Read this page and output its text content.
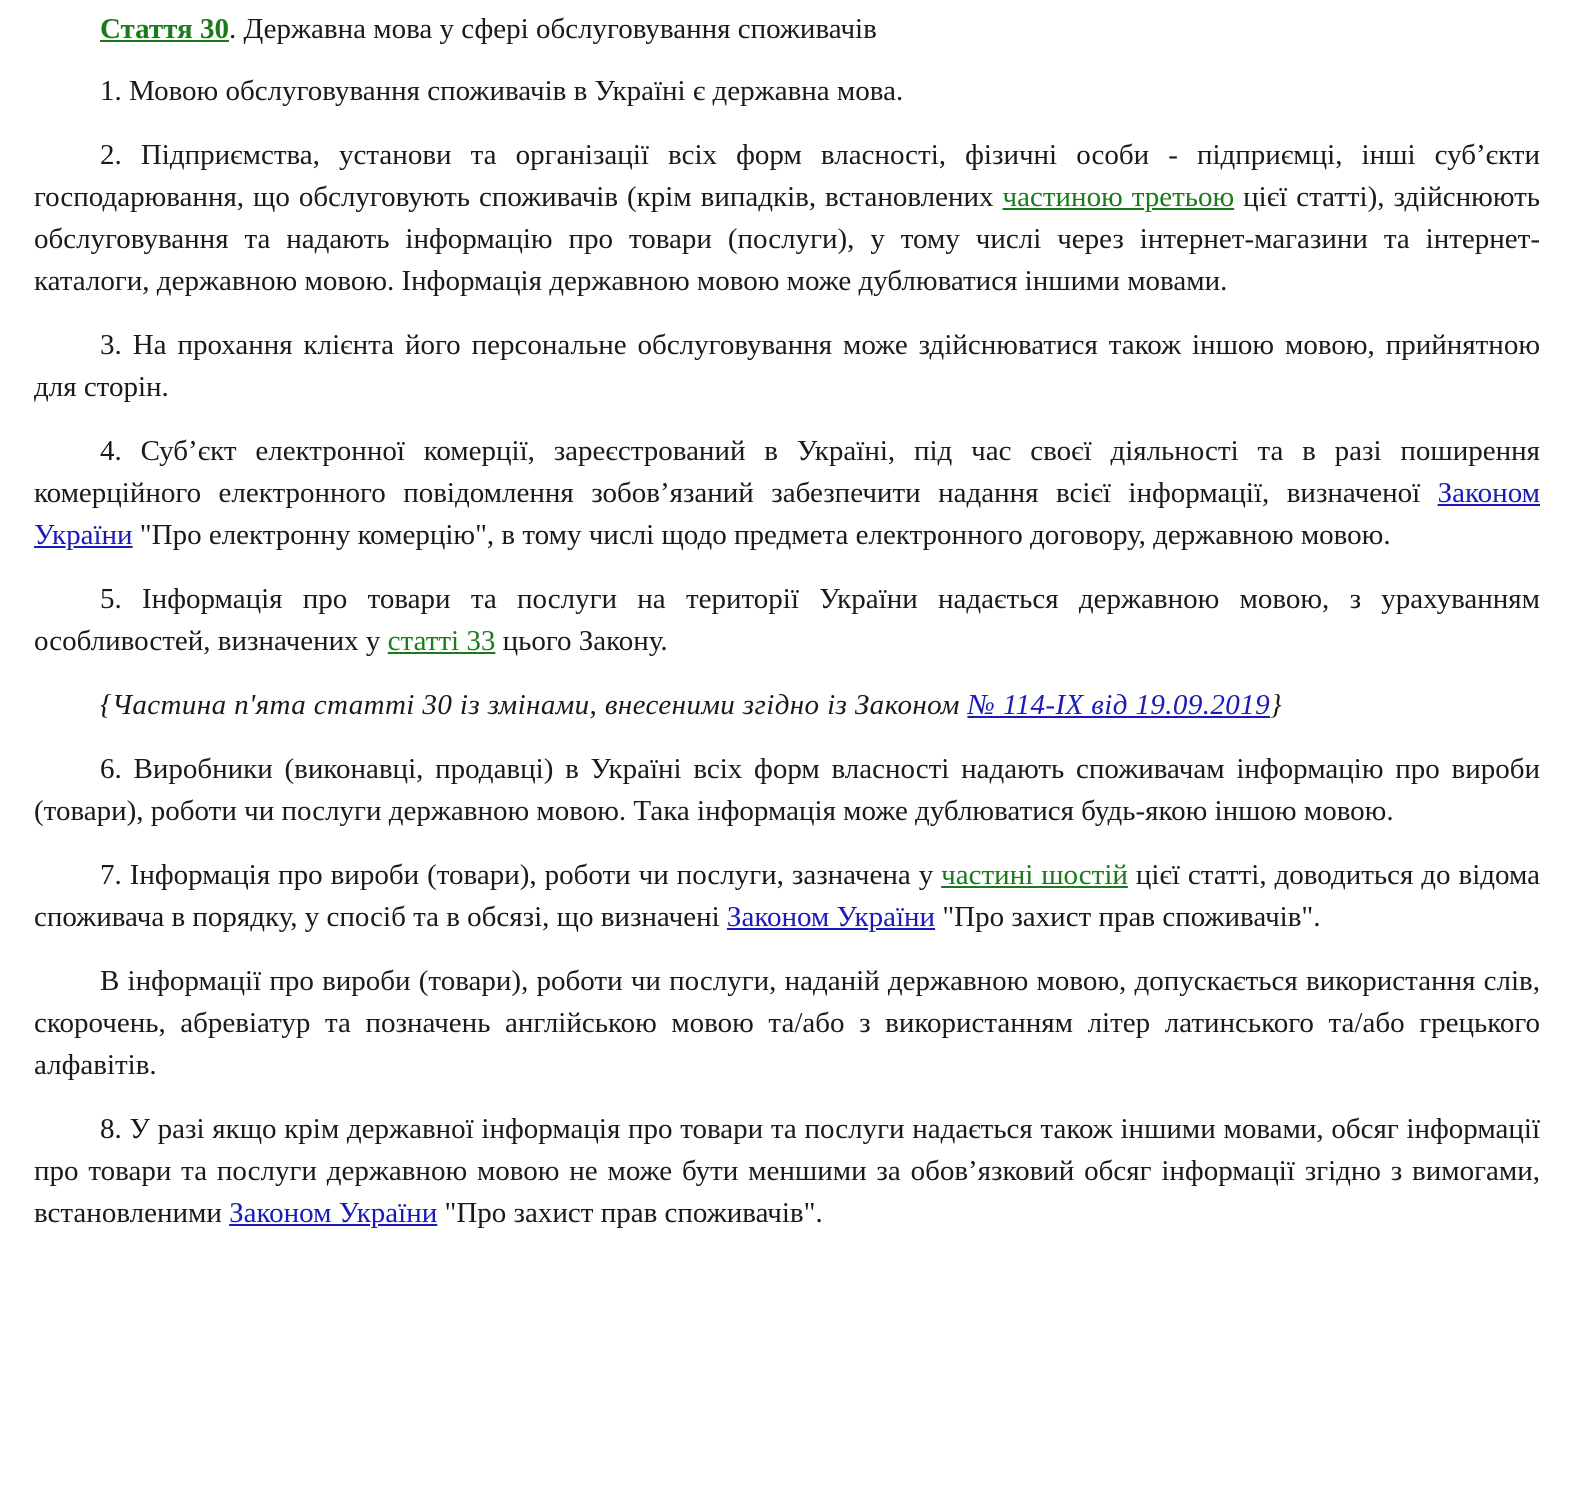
Стаття 30. Державна мова у сфері обслуговування споживачів

1. Мовою обслуговування споживачів в Україні є державна мова.

2. Підприємства, установи та організації всіх форм власності, фізичні особи - підприємці, інші суб’єкти господарювання, що обслуговують споживачів (крім випадків, встановлених частиною третьою цієї статті), здійснюють обслуговування та надають інформацію про товари (послуги), у тому числі через інтернет-магазини та інтернет-каталоги, державною мовою. Інформація державною мовою може дублюватися іншими мовами.

3. На прохання клієнта його персональне обслуговування може здійснюватися також іншою мовою, прийнятною для сторін.

4. Суб’єкт електронної комерції, зареєстрований в Україні, під час своєї діяльності та в разі поширення комерційного електронного повідомлення зобов’язаний забезпечити надання всієї інформації, визначеної Законом України "Про електронну комерцію", в тому числі щодо предмета електронного договору, державною мовою.

5. Інформація про товари та послуги на території України надається державною мовою, з урахуванням особливостей, визначених у статті 33 цього Закону.

{Частина п'ята статті 30 із змінами, внесеними згідно із Законом № 114-IX від 19.09.2019}

6. Виробники (виконавці, продавці) в Україні всіх форм власності надають споживачам інформацію про вироби (товари), роботи чи послуги державною мовою. Така інформація може дублюватися будь-якою іншою мовою.

7. Інформація про вироби (товари), роботи чи послуги, зазначена у частині шостій цієї статті, доводиться до відома споживача в порядку, у спосіб та в обсязі, що визначені Законом України "Про захист прав споживачів".

В інформації про вироби (товари), роботи чи послуги, наданій державною мовою, допускається використання слів, скорочень, абревіатур та позначень англійською мовою та/або з використанням літер латинського та/або грецького алфавітів.

8. У разі якщо крім державної інформація про товари та послуги надається також іншими мовами, обсяг інформації про товари та послуги державною мовою не може бути меншими за обов’язковий обсяг інформації згідно з вимогами, встановленими Законом України "Про захист прав споживачів".
